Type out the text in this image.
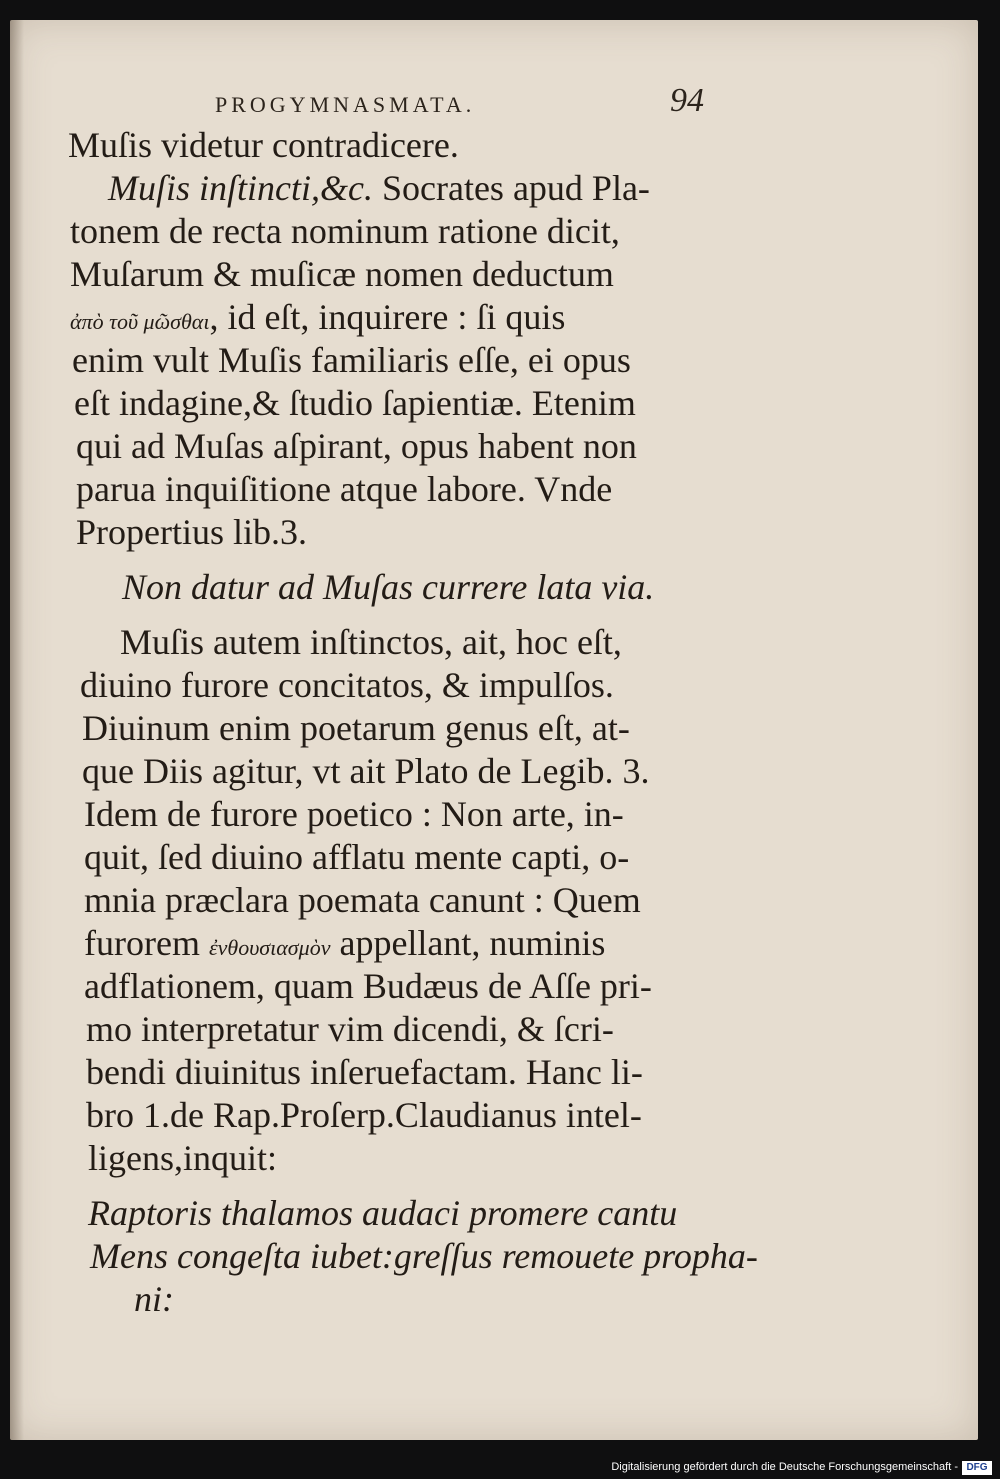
PROGYMNASMATA.	94
Muſis videtur contradicere.
Muſis inſtincti,&c. Socrates apud Pla-
tonem de recta nominum ratione dicit,
Muſarum & muſicæ nomen deductum
ἀπὸ τοῦ μῶσθαι, id eſt, inquirere : ſi quis
enim vult Muſis familiaris eſſe, ei opus
eſt indagine,& ſtudio ſapientiæ. Etenim
qui ad Muſas aſpirant, opus habent non
parua inquiſitione atque labore. Vnde
Propertius lib.3.
Non datur ad Muſas currere lata via.
Muſis autem inſtinctos, ait, hoc eſt,
diuino furore concitatos, & impulſos.
Diuinum enim poetarum genus eſt, at-
que Diis agitur, vt ait Plato de Legib. 3.
Idem de furore poetico : Non arte, in-
quit, ſed diuino afflatu mente capti, o-
mnia præclara poemata canunt : Quem
furorem ἐνθουσιασμὸν appellant, numinis
adflationem, quam Budæus de Aſſe pri-
mo interpretatur vim dicendi, & ſcri-
bendi diuinitus inſeruefactam. Hanc li-
bro 1.de Rap.Proſerp.Claudianus intel-
ligens,inquit:
Raptoris thalamos audaci promere cantu
Mens congeſta iubet:greſſus remouete propha-
ni:
Digitalisierung gefördert durch die Deutsche Forschungsgemeinschaft - DFG
